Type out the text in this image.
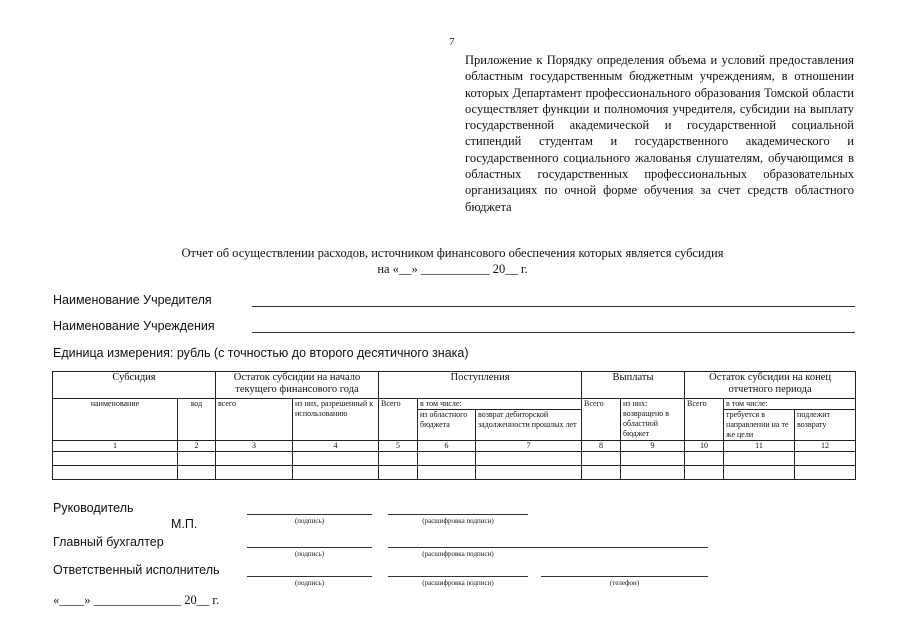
7
Приложение к Порядку определения объема и условий предоставления областным государственным бюджетным учреждениям, в отношении которых Департамент профессионального образования Томской области осуществляет функции и полномочия учредителя, субсидии на выплату государственной академической и государственной социальной стипендий студентам и государственного академического и государственного социального жалованья слушателям, обучающимся в областных государственных профессиональных образовательных организациях по очной форме обучения за счет средств областного бюджета
Отчет об осуществлении расходов, источником финансового обеспечения которых является субсидия
на «__» ___________ 20__ г.
Наименование Учредителя
Наименование Учреждения
Единица измерения: рубль (с точностью до второго десятичного знака)
Субсидия		Остаток субсидии на начало текущего финансового года		Поступления			Выплаты		Остаток субсидии на конец отчетного периода		
наименование	код	всего	из них, разрешенный к использованию	Всего	в том числе:		Всего	из них: возвращено в областной бюджет	Всего	в том числе:	
					из областного бюджета	возврат дебиторской задолженности прошлых лет				требуется в направлении на те же цели	подлежит возврату
1	2	3	4	5	6	7	8	9	10	11	12

Руководитель
М.П.	(подпись)	(расшифровка подписи)
Главный бухгалтер
(подпись)	(расшифровка подписи)
Ответственный исполнитель
(подпись)	(расшифровка подписи)	(телефон)
«____» ______________ 20__ г.
